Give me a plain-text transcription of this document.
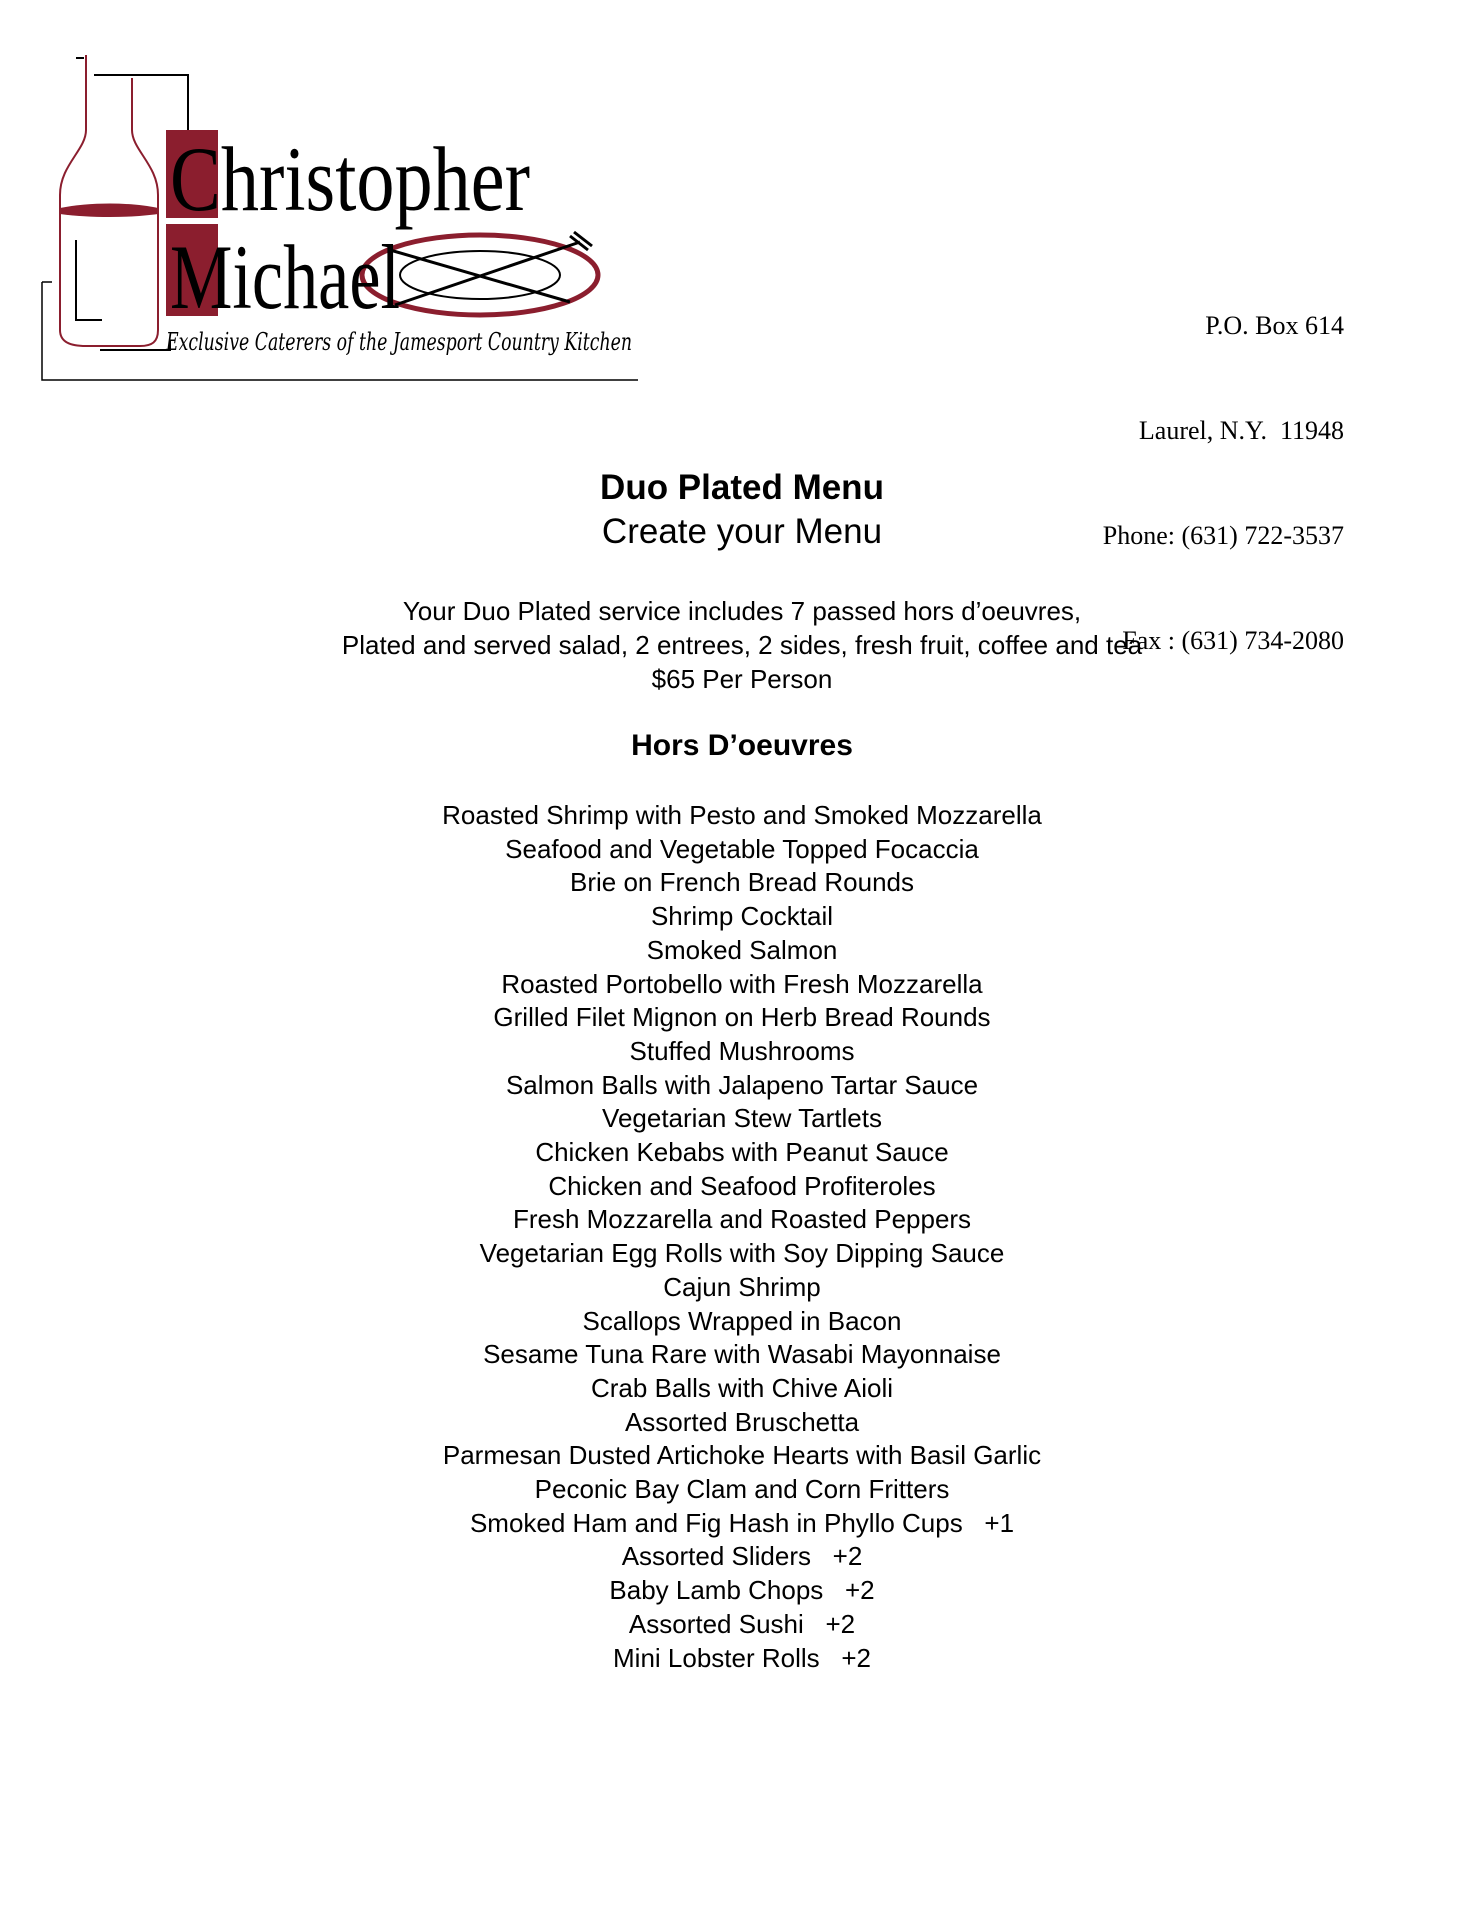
Christopher
Michael
Exclusive Caterers of the Jamesport Country Kitchen

P.O. Box 614

Laurel, N.Y.  11948

Phone: (631) 722-3537

Fax : (631) 734-2080

Duo Plated Menu
Create your Menu
Your Duo Plated service includes 7 passed hors d’oeuvres,
Plated and served salad, 2 entrees, 2 sides, fresh fruit, coffee and tea
$65 Per Person
Hors D’oeuvres
Roasted Shrimp with Pesto and Smoked Mozzarella
Seafood and Vegetable Topped Focaccia
Brie on French Bread Rounds
Shrimp Cocktail
Smoked Salmon
Roasted Portobello with Fresh Mozzarella
Grilled Filet Mignon on Herb Bread Rounds
Stuffed Mushrooms
Salmon Balls with Jalapeno Tartar Sauce
Vegetarian Stew Tartlets
Chicken Kebabs with Peanut Sauce
Chicken and Seafood Profiteroles
Fresh Mozzarella and Roasted Peppers
Vegetarian Egg Rolls with Soy Dipping Sauce
Cajun Shrimp
Scallops Wrapped in Bacon
Sesame Tuna Rare with Wasabi Mayonnaise
Crab Balls with Chive Aioli
Assorted Bruschetta
Parmesan Dusted Artichoke Hearts with Basil Garlic
Peconic Bay Clam and Corn Fritters
Smoked Ham and Fig Hash in Phyllo Cups   +1
Assorted Sliders   +2
Baby Lamb Chops   +2
Assorted Sushi   +2
Mini Lobster Rolls   +2
